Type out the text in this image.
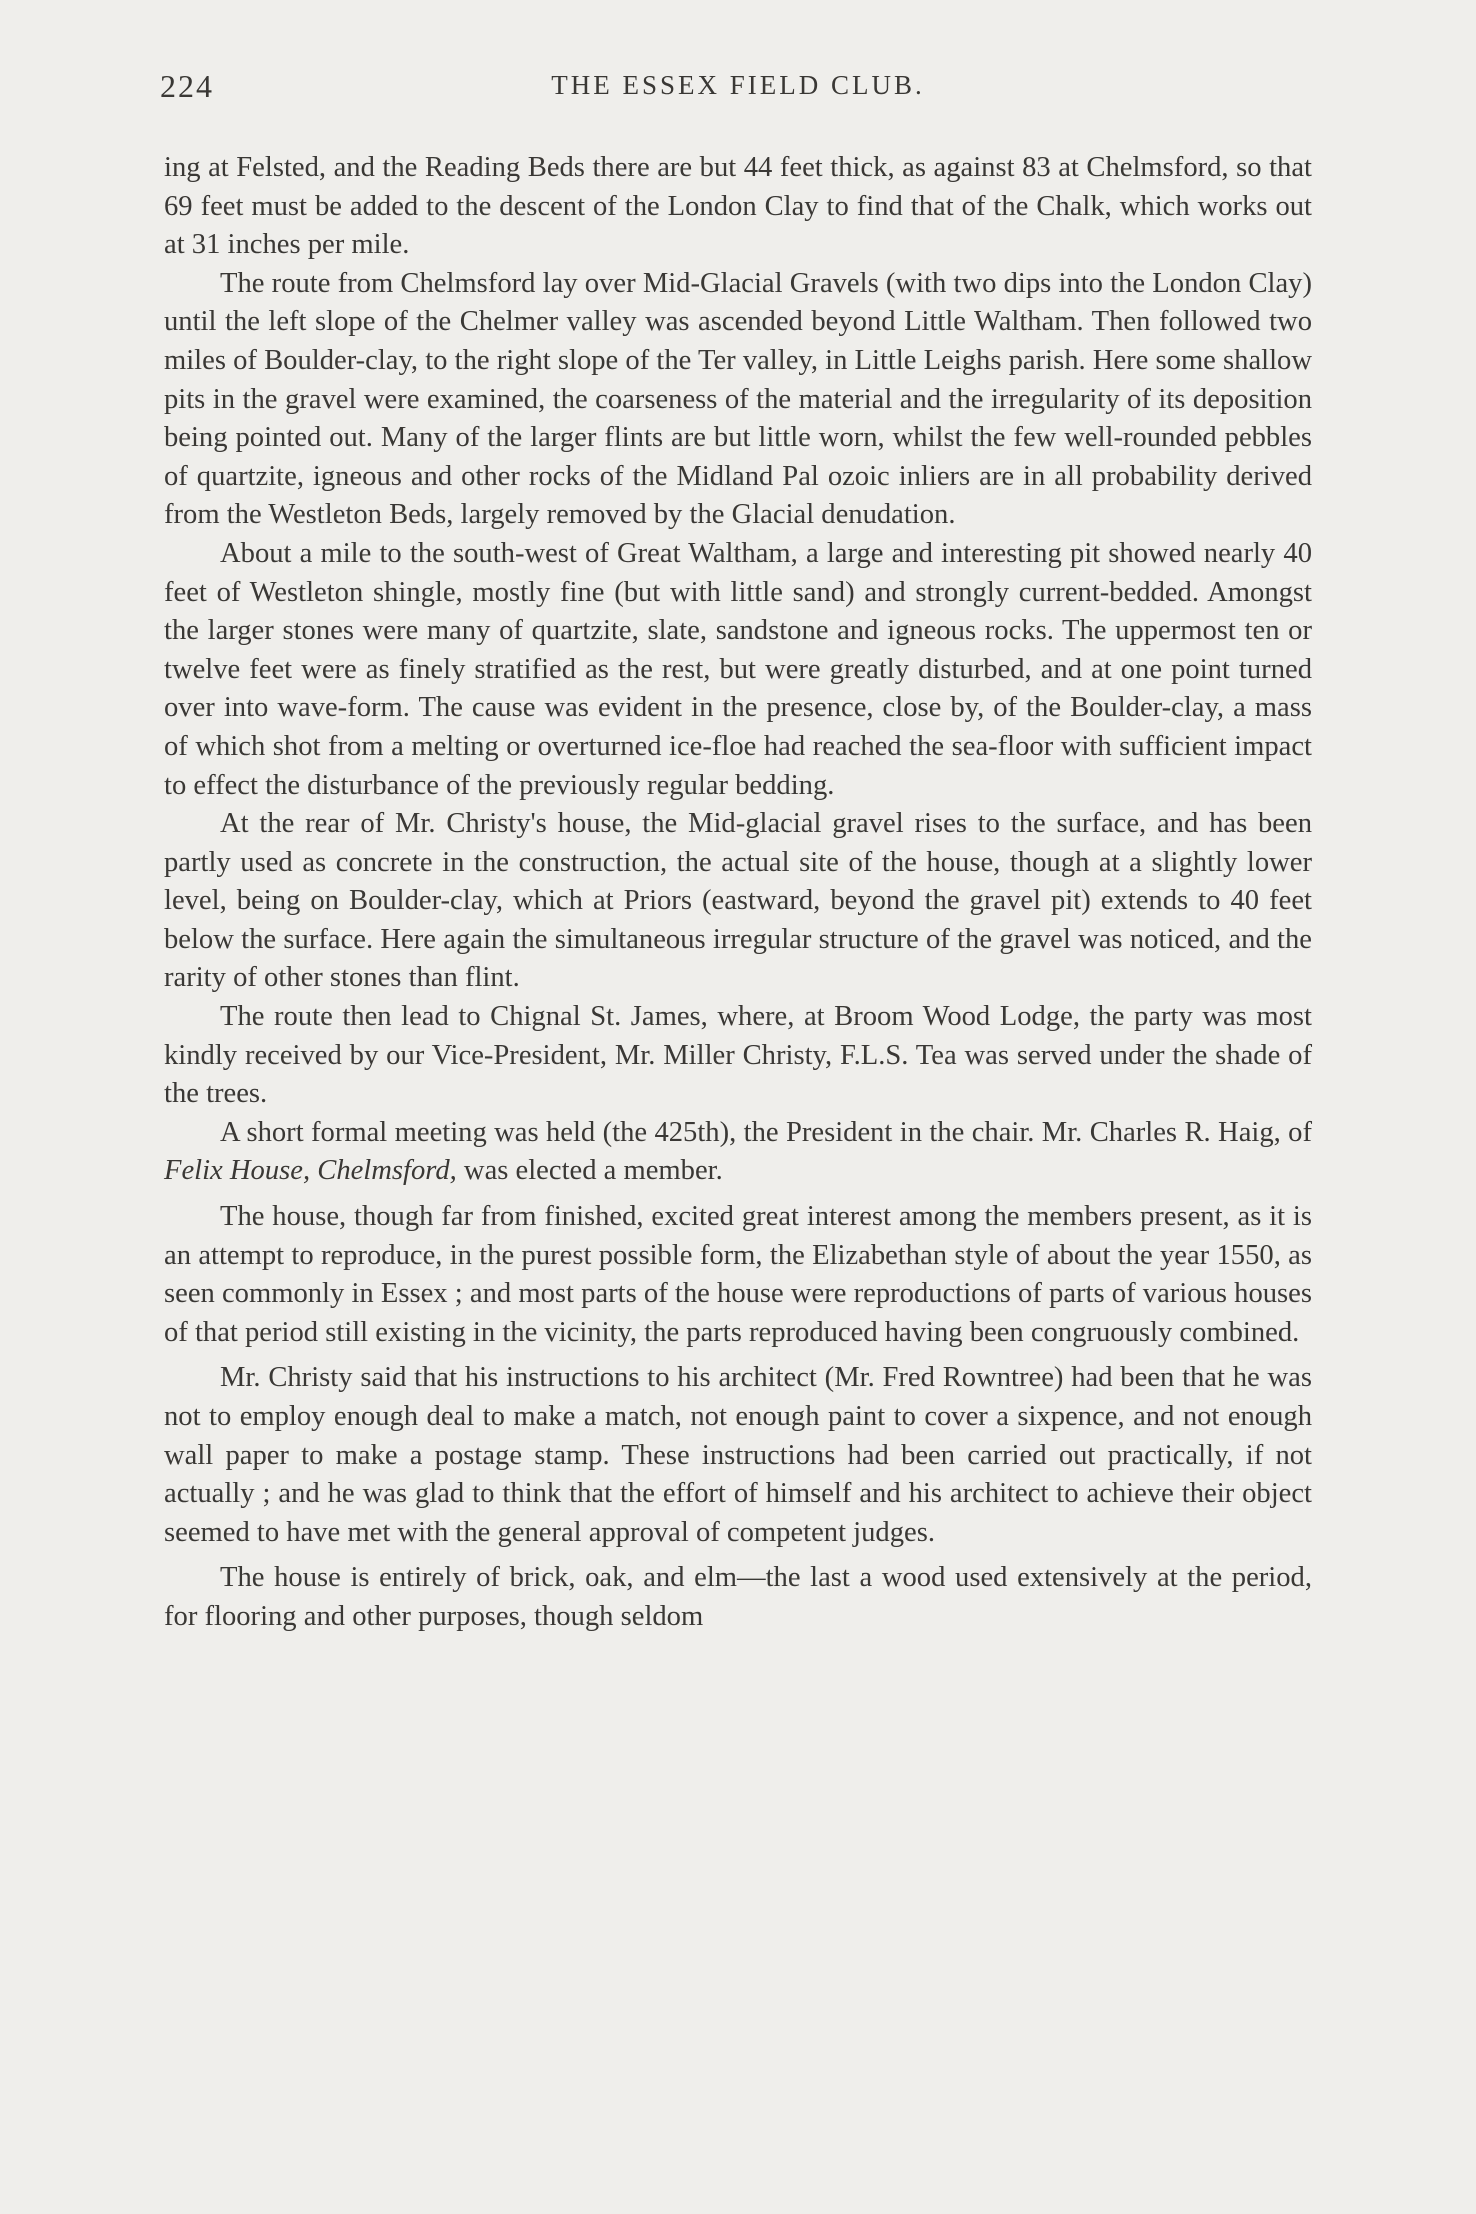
224	THE ESSEX FIELD CLUB.

ing at Felsted, and the Reading Beds there are but 44 feet thick, as against 83 at Chelmsford, so that 69 feet must be added to the descent of the London Clay to find that of the Chalk, which works out at 31 inches per mile.

The route from Chelmsford lay over Mid-Glacial Gravels (with two dips into the London Clay) until the left slope of the Chelmer valley was ascended beyond Little Waltham. Then followed two miles of Boulder-clay, to the right slope of the Ter valley, in Little Leighs parish. Here some shallow pits in the gravel were examined, the coarseness of the material and the irregularity of its deposition being pointed out. Many of the larger flints are but little worn, whilst the few well-rounded pebbles of quartzite, igneous and other rocks of the Midland Pal ozoic inliers are in all probability derived from the Westleton Beds, largely removed by the Glacial denudation.

About a mile to the south-west of Great Waltham, a large and interesting pit showed nearly 40 feet of Westleton shingle, mostly fine (but with little sand) and strongly current-bedded. Amongst the larger stones were many of quartzite, slate, sandstone and igneous rocks. The uppermost ten or twelve feet were as finely stratified as the rest, but were greatly disturbed, and at one point turned over into wave-form. The cause was evident in the presence, close by, of the Boulder-clay, a mass of which shot from a melting or overturned ice-floe had reached the sea-floor with sufficient impact to effect the disturbance of the previously regular bedding.

At the rear of Mr. Christy's house, the Mid-glacial gravel rises to the surface, and has been partly used as concrete in the construction, the actual site of the house, though at a slightly lower level, being on Boulder-clay, which at Priors (eastward, beyond the gravel pit) extends to 40 feet below the surface. Here again the simultaneous irregular structure of the gravel was noticed, and the rarity of other stones than flint.

The route then lead to Chignal St. James, where, at Broom Wood Lodge, the party was most kindly received by our Vice-President, Mr. Miller Christy, F.L.S. Tea was served under the shade of the trees.

A short formal meeting was held (the 425th), the President in the chair. Mr. Charles R. Haig, of Felix House, Chelmsford, was elected a member.

The house, though far from finished, excited great interest among the members present, as it is an attempt to reproduce, in the purest possible form, the Elizabethan style of about the year 1550, as seen commonly in Essex ; and most parts of the house were reproductions of parts of various houses of that period still existing in the vicinity, the parts reproduced having been congruously combined.

Mr. Christy said that his instructions to his architect (Mr. Fred Rowntree) had been that he was not to employ enough deal to make a match, not enough paint to cover a sixpence, and not enough wall paper to make a postage stamp. These instructions had been carried out practically, if not actually ; and he was glad to think that the effort of himself and his architect to achieve their object seemed to have met with the general approval of competent judges.

The house is entirely of brick, oak, and elm—the last a wood used extensively at the period, for flooring and other purposes, though seldom
